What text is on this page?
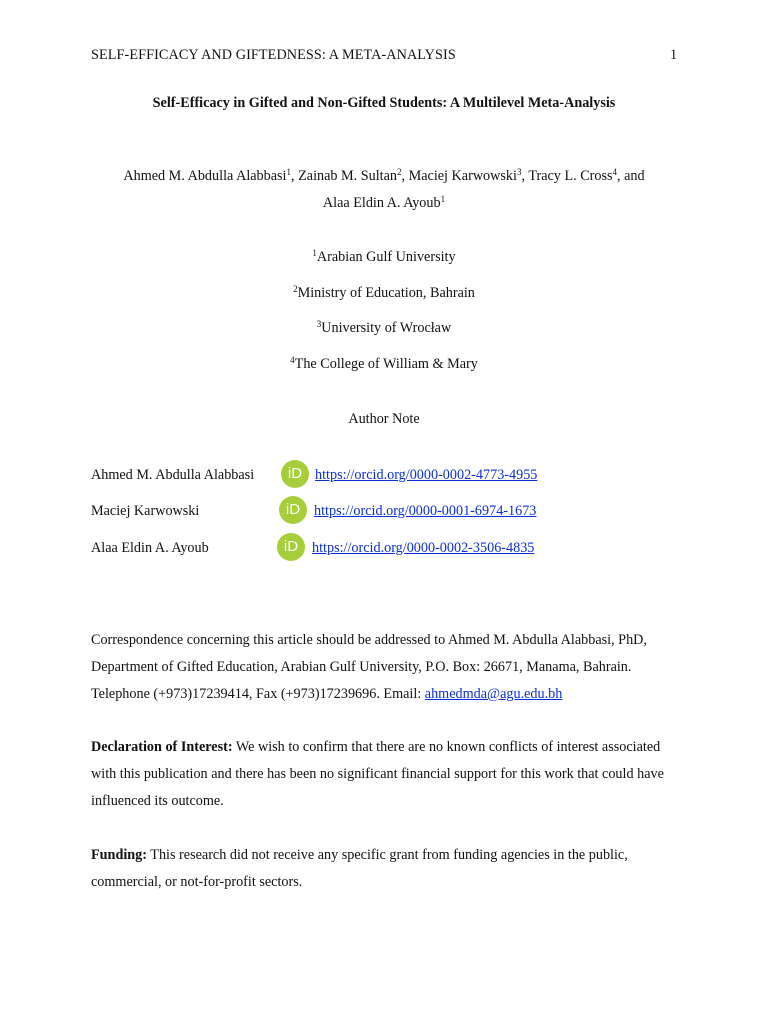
SELF-EFFICACY AND GIFTEDNESS: A META-ANALYSIS	1
Self-Efficacy in Gifted and Non-Gifted Students: A Multilevel Meta-Analysis
Ahmed M. Abdulla Alabbasi$^1$, Zainab M. Sultan$^2$, Maciej Karwowski$^3$, Tracy L. Cross$^4$, and
Alaa Eldin A. Ayoub$^1$
$^1$Arabian Gulf University
$^2$Ministry of Education, Bahrain
$^3$University of Wrocław
$^4$The College of William & Mary
Author Note
Ahmed M. Abdulla Alabbasi	iD https://orcid.org/0000-0002-4773-4955
Maciej Karwowski	iD https://orcid.org/0000-0001-6974-1673
Alaa Eldin A. Ayoub	iD https://orcid.org/0000-0002-3506-4835
Correspondence concerning this article should be addressed to Ahmed M. Abdulla Alabbasi, PhD, Department of Gifted Education, Arabian Gulf University, P.O. Box: 26671, Manama, Bahrain. Telephone (+973)17239414, Fax (+973)17239696. Email: ahmedmda@agu.edu.bh
Declaration of Interest: We wish to confirm that there are no known conflicts of interest associated with this publication and there has been no significant financial support for this work that could have influenced its outcome.
Funding: This research did not receive any specific grant from funding agencies in the public, commercial, or not-for-profit sectors.
